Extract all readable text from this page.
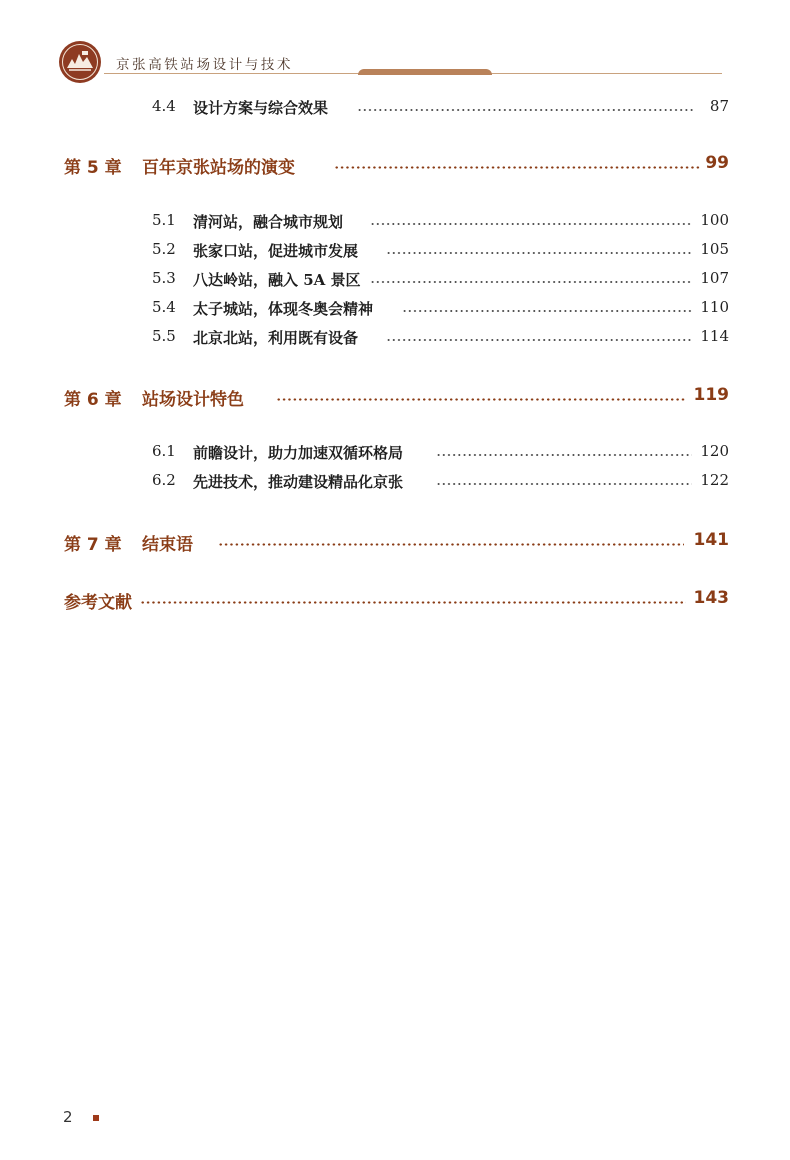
京张高铁站场设计与技术
4.4	设计方案与综合效果	87
第 5 章 百年京张站场的演变	99
5.1	清河站，融合城市规划	100
5.2	张家口站，促进城市发展	105
5.3	八达岭站，融入 5A 景区	107
5.4	太子城站，体现冬奥会精神	110
5.5	北京北站，利用既有设备	114
第 6 章 站场设计特色	119
6.1	前瞻设计，助力加速双循环格局	120
6.2	先进技术，推动建设精品化京张	122
第 7 章 结束语	141
参考文献	143
2
